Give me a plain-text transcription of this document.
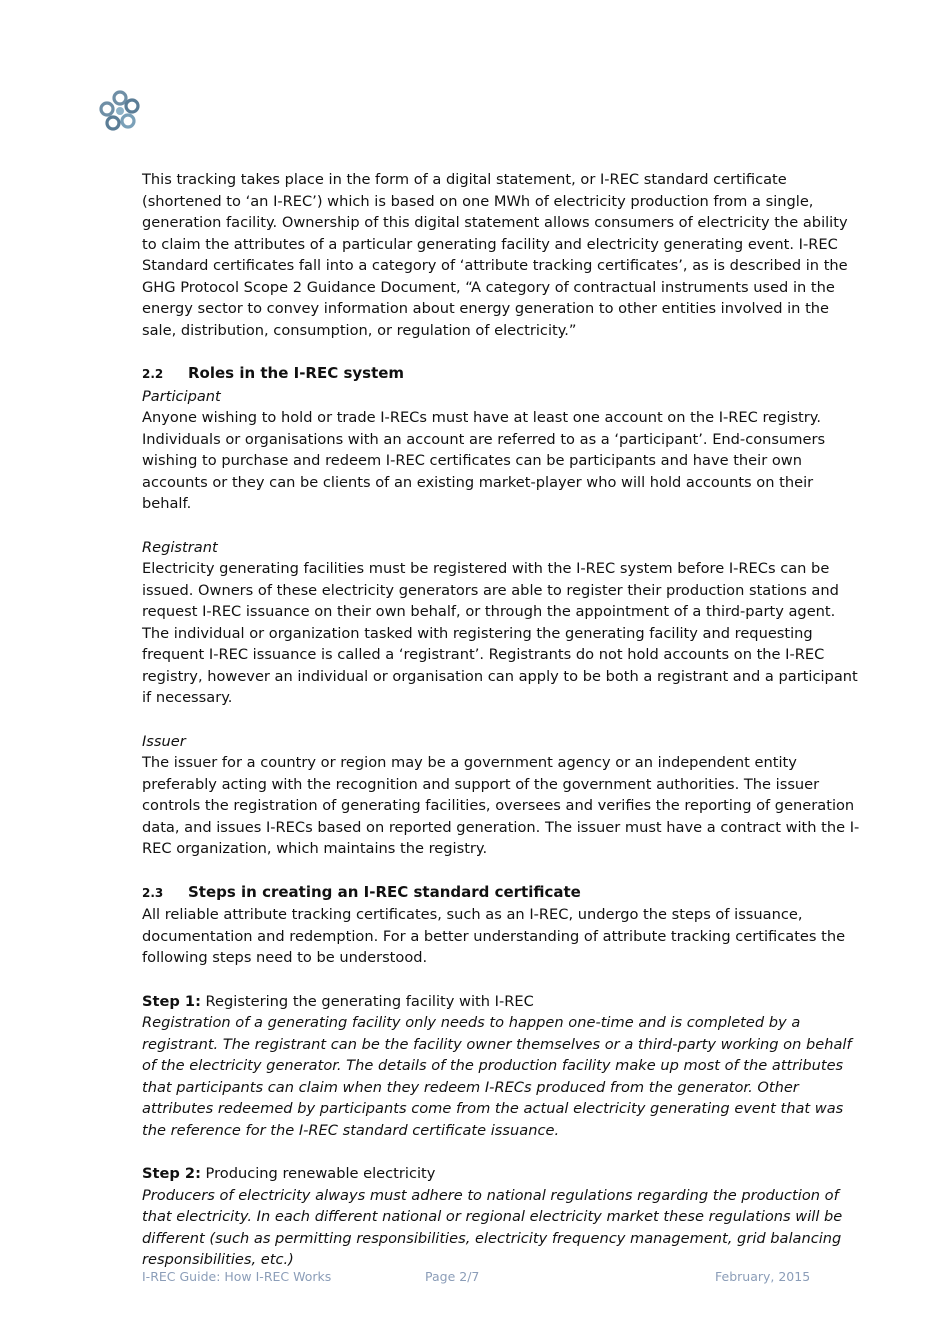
This tracking takes place in the form of a digital statement, or I-REC standard certificate (shortened to ‘an I-REC’) which is based on one MWh of electricity production from a single, generation facility. Ownership of this digital statement allows consumers of electricity the ability to claim the attributes of a particular generating facility and electricity generating event. I-REC Standard certificates fall into a category of ‘attribute tracking certificates’, as is described in the GHG Protocol Scope 2 Guidance Document, “A category of contractual instruments used in the energy sector to convey information about energy generation to other entities involved in the sale, distribution, consumption, or regulation of electricity.”

2.2	Roles in the I-REC system

Participant

Anyone wishing to hold or trade I-RECs must have at least one account on the I-REC registry. Individuals or organisations with an account are referred to as a ‘participant’. End-consumers wishing to purchase and redeem I-REC certificates can be participants and have their own accounts or they can be clients of an existing market-player who will hold accounts on their behalf.

Registrant

Electricity generating facilities must be registered with the I-REC system before I-RECs can be issued. Owners of these electricity generators are able to register their production stations and request I-REC issuance on their own behalf, or through the appointment of a third-party agent. The individual or organization tasked with registering the generating facility and requesting frequent I-REC issuance is called a ‘registrant’. Registrants do not hold accounts on the I-REC registry, however an individual or organisation can apply to be both a registrant and a participant if necessary.

Issuer

The issuer for a country or region may be a government agency or an independent entity preferably acting with the recognition and support of the government authorities. The issuer controls the registration of generating facilities, oversees and verifies the reporting of generation data, and issues I-RECs based on reported generation. The issuer must have a contract with the I-REC organization, which maintains the registry.

2.3	Steps in creating an I-REC standard certificate

All reliable attribute tracking certificates, such as an I-REC, undergo the steps of issuance, documentation and redemption. For a better understanding of attribute tracking certificates the following steps need to be understood.

Step 1: Registering the generating facility with I-REC

Registration of a generating facility only needs to happen one-time and is completed by a registrant. The registrant can be the facility owner themselves or a third-party working on behalf of the electricity generator. The details of the production facility make up most of the attributes that participants can claim when they redeem I-RECs produced from the generator. Other attributes redeemed by participants come from the actual electricity generating event that was the reference for the I-REC standard certificate issuance.

Step 2: Producing renewable electricity

Producers of electricity always must adhere to national regulations regarding the production of that electricity. In each different national or regional electricity market these regulations will be different (such as permitting responsibilities, electricity frequency management, grid balancing responsibilities, etc.)

I-REC Guide: How I-REC Works	Page 2/7	February, 2015
